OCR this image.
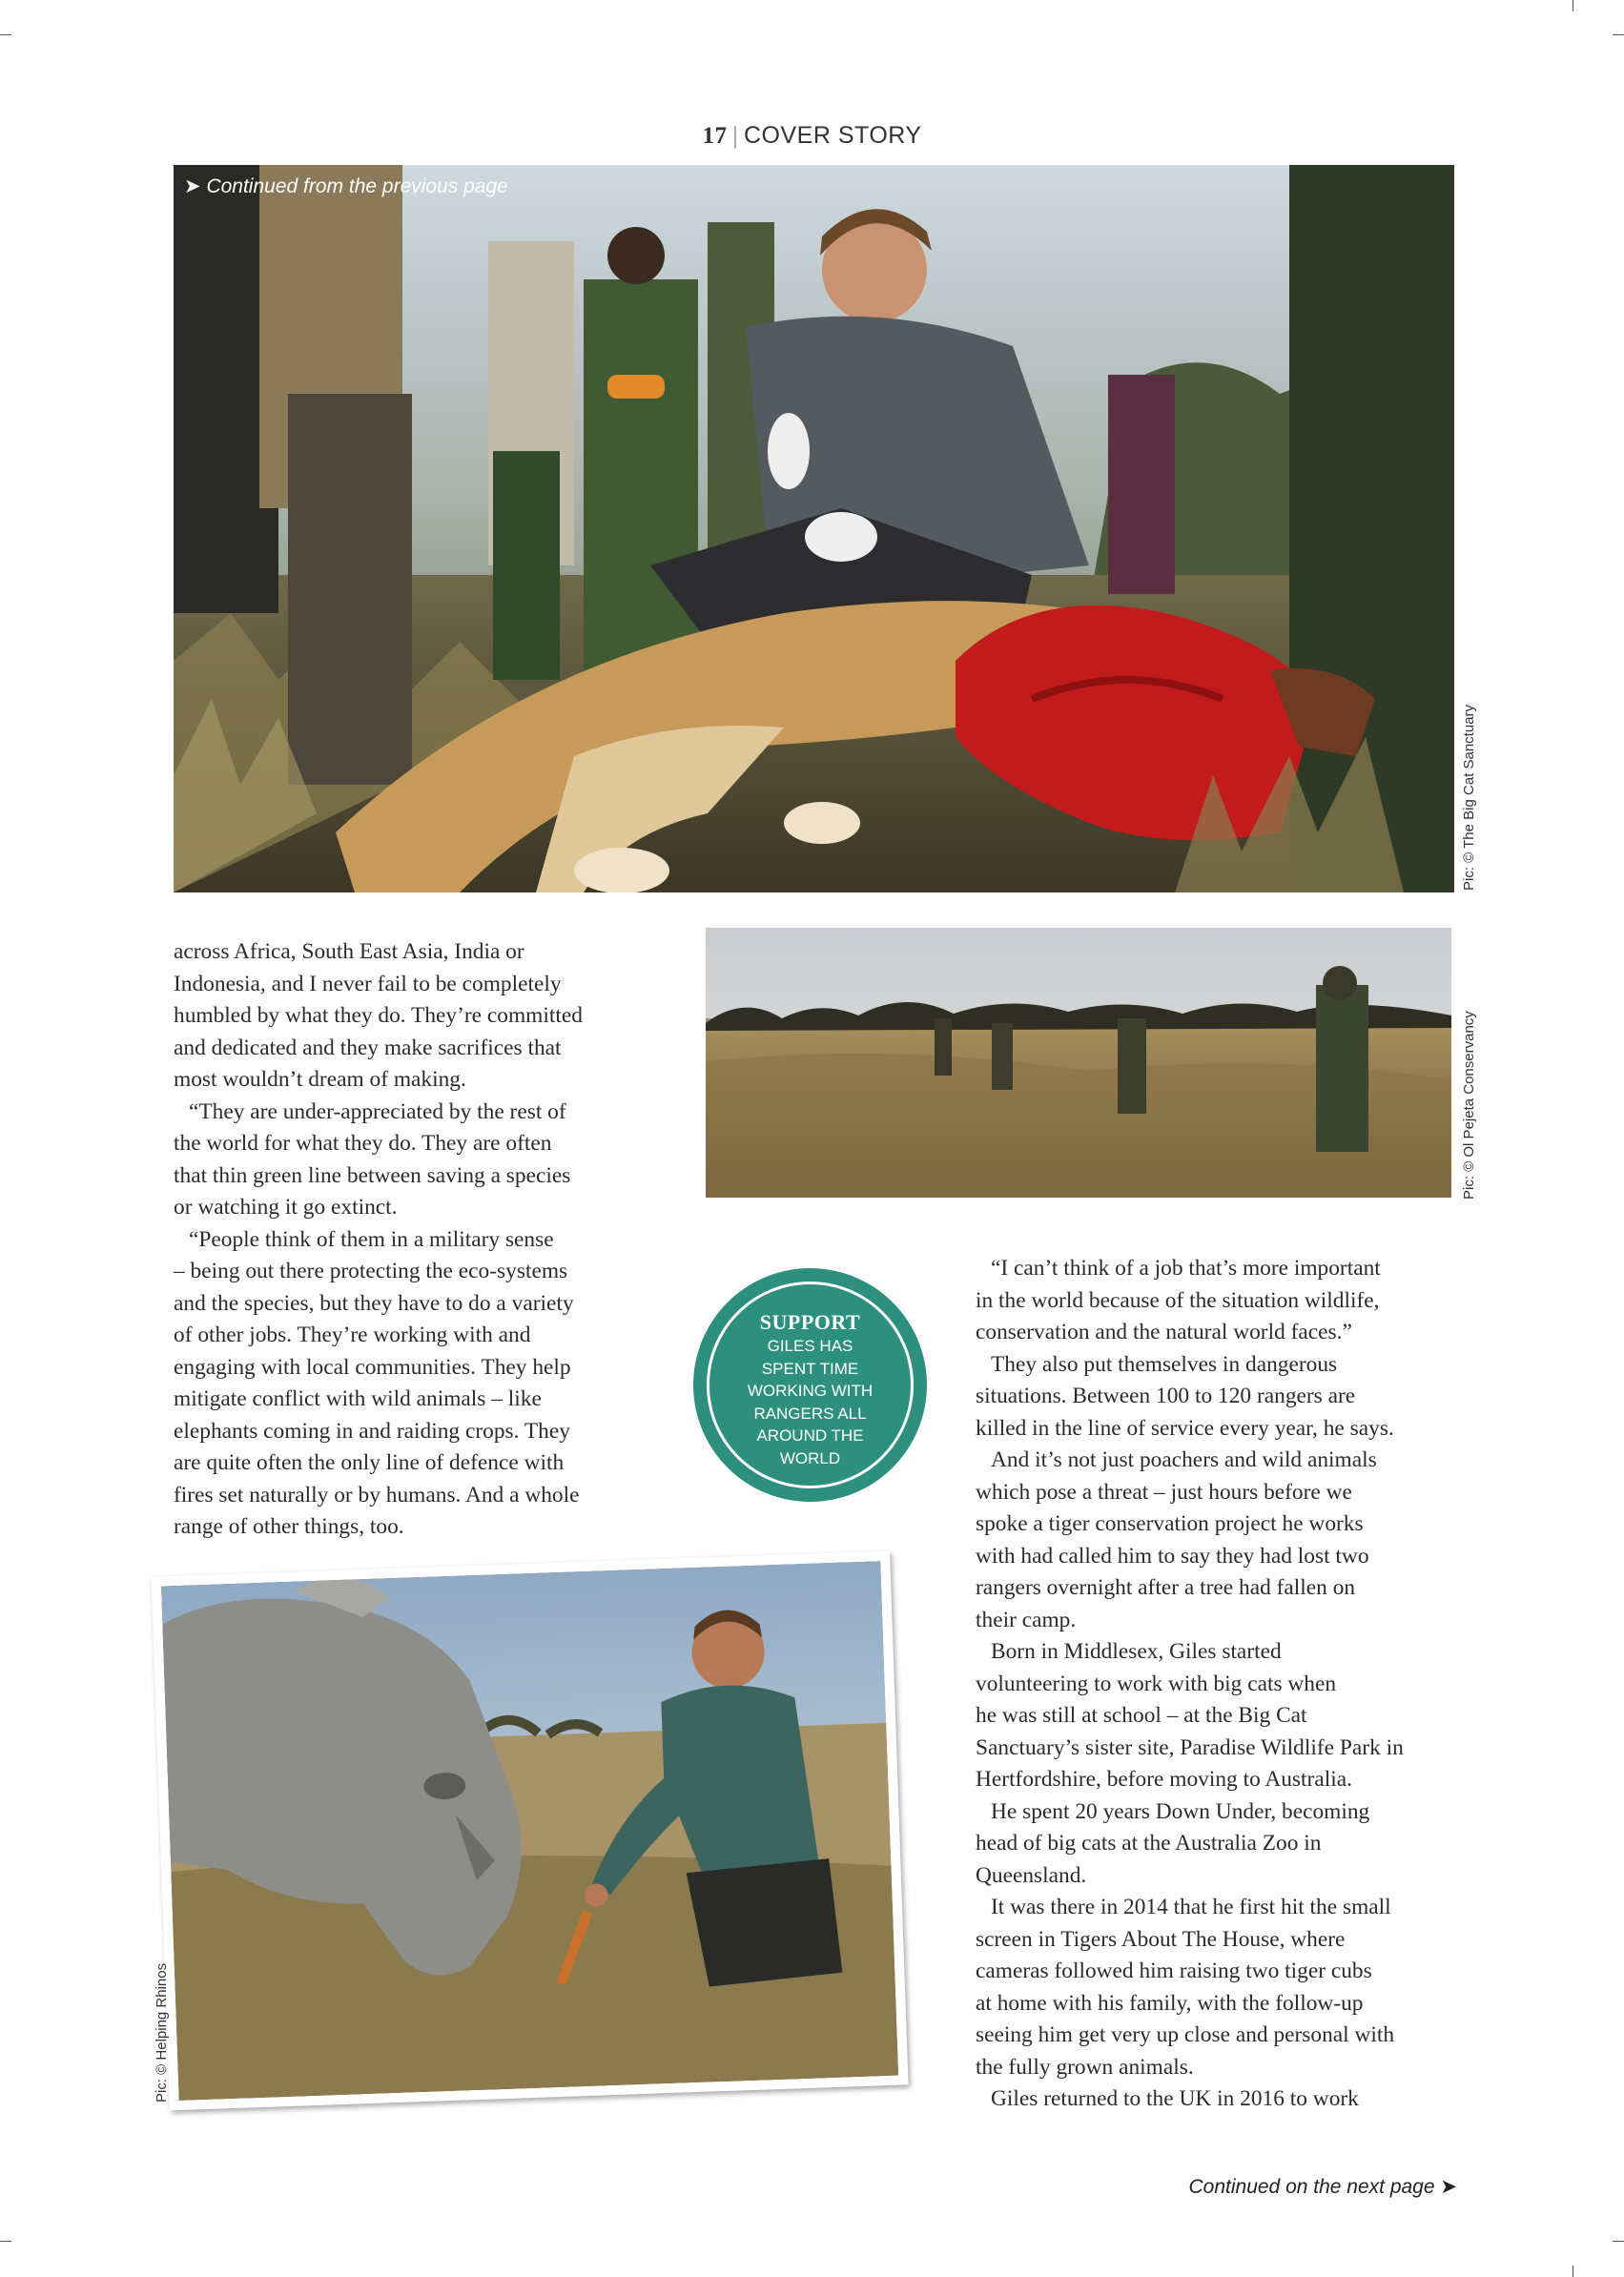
17 | COVER STORY
➤ Continued from the previous page
Pic: © The Big Cat Sanctuary
Pic: © Ol Pejeta Conservancy

across Africa, South East Asia, India or
Indonesia, and I never fail to be completely
humbled by what they do. They’re committed
and dedicated and they make sacrifices that
most wouldn’t dream of making.

“They are under-appreciated by the rest of
the world for what they do. They are often
that thin green line between saving a species
or watching it go extinct.

“People think of them in a military sense
– being out there protecting the eco-systems
and the species, but they have to do a variety
of other jobs. They’re working with and
engaging with local communities. They help
mitigate conflict with wild animals – like
elephants coming in and raiding crops. They
are quite often the only line of defence with
fires set naturally or by humans. And a whole
range of other things, too.

SUPPORT
GILES HAS
SPENT TIME
WORKING WITH
RANGERS ALL
AROUND THE
WORLD

“I can’t think of a job that’s more important
in the world because of the situation wildlife,
conservation and the natural world faces.”

They also put themselves in dangerous
situations. Between 100 to 120 rangers are
killed in the line of service every year, he says.

And it’s not just poachers and wild animals
which pose a threat – just hours before we
spoke a tiger conservation project he works
with had called him to say they had lost two
rangers overnight after a tree had fallen on
their camp.

Born in Middlesex, Giles started
volunteering to work with big cats when
he was still at school – at the Big Cat
Sanctuary’s sister site, Paradise Wildlife Park in
Hertfordshire, before moving to Australia.

He spent 20 years Down Under, becoming
head of big cats at the Australia Zoo in
Queensland.

It was there in 2014 that he first hit the small
screen in Tigers About The House, where
cameras followed him raising two tiger cubs
at home with his family, with the follow-up
seeing him get very up close and personal with
the fully grown animals.

Giles returned to the UK in 2016 to work

Pic: © Helping Rhinos
Continued on the next page ➤
